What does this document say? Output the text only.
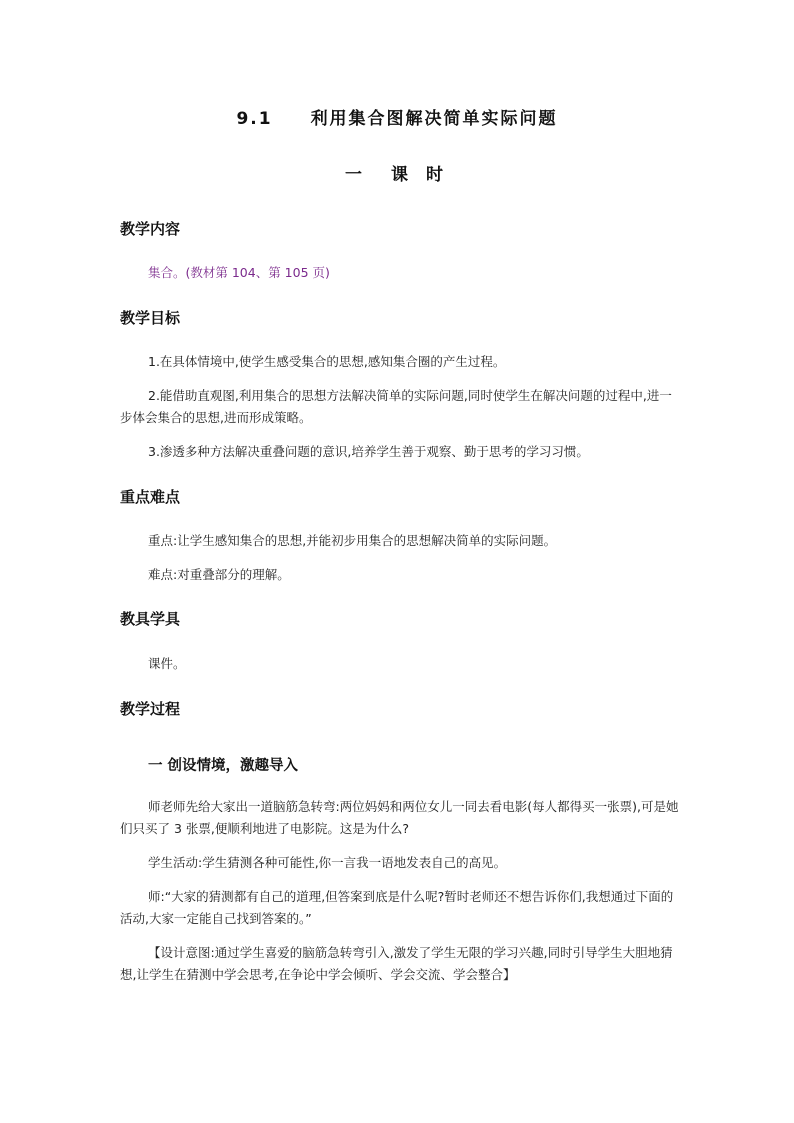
9.1 利用集合图解决简单实际问题
一　课 时
教学内容
集合。(教材第 104、第 105 页)
教学目标
1.在具体情境中,使学生感受集合的思想,感知集合圈的产生过程。
2.能借助直观图,利用集合的思想方法解决简单的实际问题,同时使学生在解决问题的过程中,进一步体会集合的思想,进而形成策略。
3.渗透多种方法解决重叠问题的意识,培养学生善于观察、勤于思考的学习习惯。
重点难点
重点:让学生感知集合的思想,并能初步用集合的思想解决简单的实际问题。
难点:对重叠部分的理解。
教具学具
课件。
教学过程
一 创设情境，激趣导入
师老师先给大家出一道脑筋急转弯:两位妈妈和两位女儿一同去看电影(每人都得买一张票),可是她们只买了 3 张票,便顺利地进了电影院。这是为什么?
学生活动:学生猜测各种可能性,你一言我一语地发表自己的高见。
师:“大家的猜测都有自己的道理,但答案到底是什么呢?暂时老师还不想告诉你们,我想通过下面的活动,大家一定能自己找到答案的。”
【设计意图:通过学生喜爱的脑筋急转弯引入,激发了学生无限的学习兴趣,同时引导学生大胆地猜想,让学生在猜测中学会思考,在争论中学会倾听、学会交流、学会整合】
